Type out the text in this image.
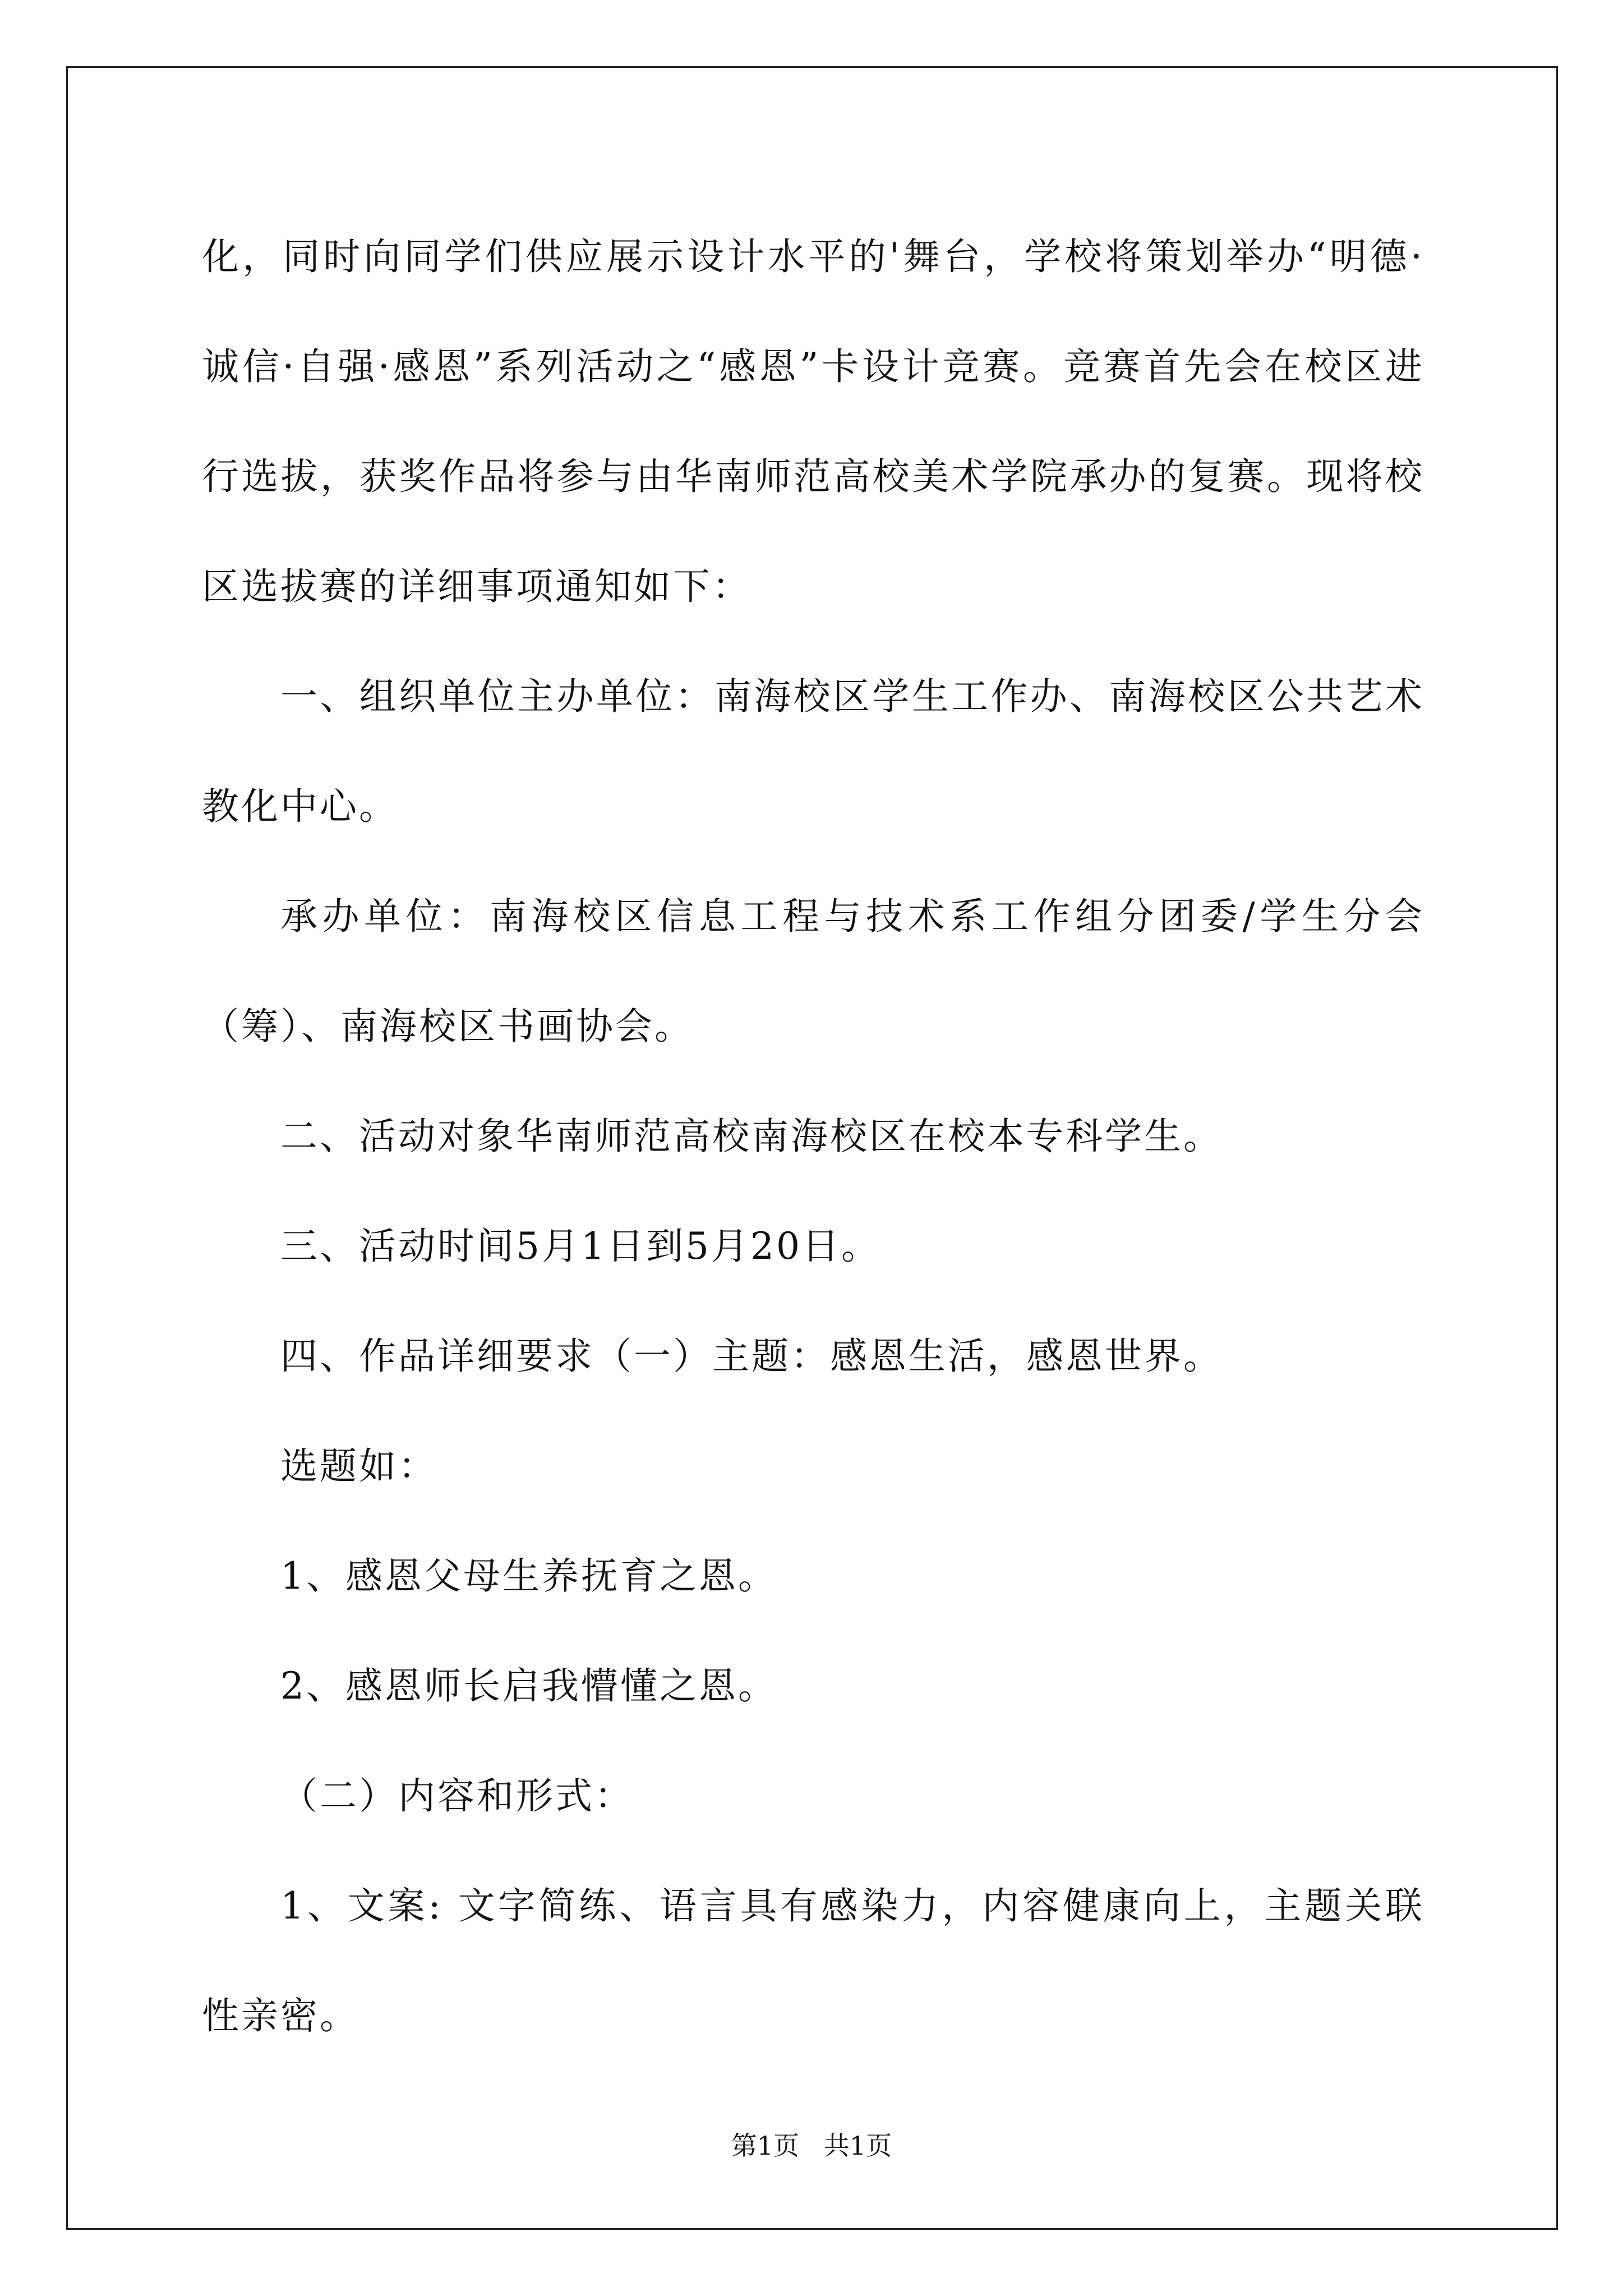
化，同时向同学们供应展示设计水平的'舞台，学校将策划举办“明德·诚信·自强·感恩”系列活动之“感恩”卡设计竞赛。竞赛首先会在校区进行选拔，获奖作品将参与由华南师范高校美术学院承办的复赛。现将校区选拔赛的详细事项通知如下：

一、组织单位主办单位：南海校区学生工作办、南海校区公共艺术教化中心。

承办单位：南海校区信息工程与技术系工作组分团委/学生分会（筹）、南海校区书画协会。

二、活动对象华南师范高校南海校区在校本专科学生。

三、活动时间5月1日到5月20日。

四、作品详细要求（一）主题：感恩生活，感恩世界。

选题如：

1、感恩父母生养抚育之恩。

2、感恩师长启我懵懂之恩。

（二）内容和形式：

1、文案: 文字简练、语言具有感染力，内容健康向上，主题关联性亲密。

第1页   共1页
